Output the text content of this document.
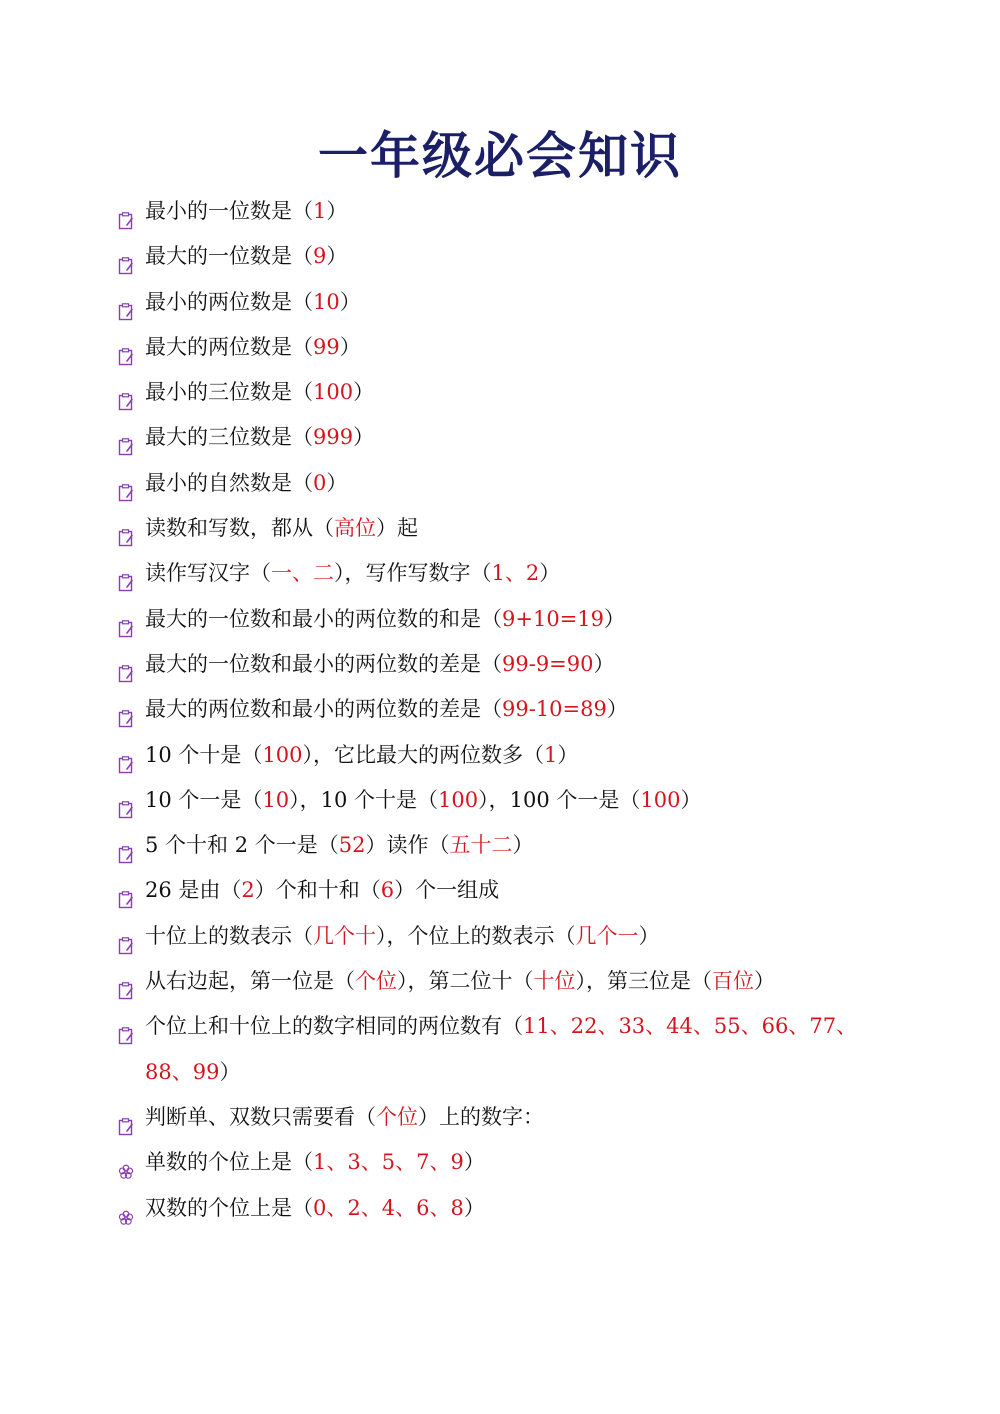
一年级必会知识
最小的一位数是（1）
最大的一位数是（9）
最小的两位数是（10）
最大的两位数是（99）
最小的三位数是（100）
最大的三位数是（999）
最小的自然数是（0）
读数和写数，都从（高位）起
读作写汉字（一、二），写作写数字（1、2）
最大的一位数和最小的两位数的和是（9+10=19）
最大的一位数和最小的两位数的差是（99-9=90）
最大的两位数和最小的两位数的差是（99-10=89）
10 个十是（100），它比最大的两位数多（1）
10 个一是（10），10 个十是（100），100 个一是（100）
5 个十和 2 个一是（52）读作（五十二）
26 是由（2）个和十和（6）个一组成
十位上的数表示（几个十），个位上的数表示（几个一）
从右边起，第一位是（个位），第二位十（十位），第三位是（百位）
个位上和十位上的数字相同的两位数有（11、22、33、44、55、66、77、88、99）
判断单、双数只需要看（个位）上的数字：
单数的个位上是（1、3、5、7、9）
双数的个位上是（0、2、4、6、8）
